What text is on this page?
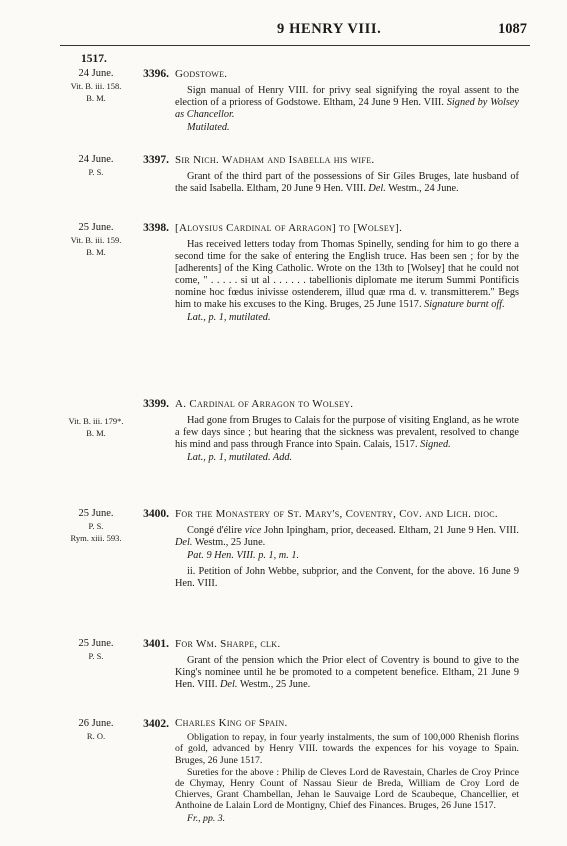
9 HENRY VIII.	1087
1517.
24 June.
Vit. B. iii. 158.
B. M.
3396. Godstowe.

Sign manual of Henry VIII. for privy seal signifying the royal assent to the election of a prioress of Godstowe. Eltham, 24 June 9 Hen. VIII. Signed by Wolsey as Chancellor.

Mutilated.
24 June.
P. S.
3397. Sir Nich. Wadham and Isabella his wife.

Grant of the third part of the possessions of Sir Giles Bruges, late husband of the said Isabella. Eltham, 20 June 9 Hen. VIII. Del. Westm., 24 June.

25 June.
Vit. B. iii. 159.
B. M.
3398. [Aloysius Cardinal of Arragon] to [Wolsey].

Has received letters today from Thomas Spinelly, sending for him to go there a second time for the sake of entering the English truce. Has been sen ; for by the [adherents] of the King Catholic. Wrote on the 13th to [Wolsey] that he could not come, " . . . . . si ut al . . . . . . tabellionis diplomate me iterum Summi Pontificis nomine hoc fœdus inivisse ostenderem, illud quæ rma d. v. transmitterem." Begs him to make his excuses to the King. Bruges, 25 June 1517. Signature burnt off.

Lat., p. 1, mutilated.
Vit. B. iii. 179*.
B. M.
3399. A. Cardinal of Arragon to Wolsey.

Had gone from Bruges to Calais for the purpose of visiting England, as he wrote a few days since ; but hearing that the sickness was prevalent, resolved to change his mind and pass through France into Spain. Calais, 1517. Signed.

Lat., p. 1, mutilated. Add.
25 June.
P. S.
Rym. xiii. 593.
3400. For the Monastery of St. Mary's, Coventry, Cov. and Lich. dioc.

Congé d'élire vice John Ipingham, prior, deceased. Eltham, 21 June 9 Hen. VIII. Del. Westm., 25 June.

Pat. 9 Hen. VIII. p. 1, m. 1.

ii. Petition of John Webbe, subprior, and the Convent, for the above. 16 June 9 Hen. VIII.

25 June.
P. S.
3401. For Wm. Sharpe, clk.

Grant of the pension which the Prior elect of Coventry is bound to give to the King's nominee until he be promoted to a competent benefice. Eltham, 21 June 9 Hen. VIII. Del. Westm., 25 June.

26 June.
R. O.
3402. Charles King of Spain.

Obligation to repay, in four yearly instalments, the sum of 100,000 Rhenish florins of gold, advanced by Henry VIII. towards the expences for his voyage to Spain. Bruges, 26 June 1517.

Sureties for the above : Philip de Cleves Lord de Ravestain, Charles de Croy Prince de Chymay, Henry Count of Nassau Sieur de Breda, William de Croy Lord de Chierves, Grant Chambellan, Jehan le Sauvaige Lord de Scaubeque, Chancellier, et Anthoine de Lalain Lord de Montigny, Chief des Finances. Bruges, 26 June 1517.

Fr., pp. 3.
